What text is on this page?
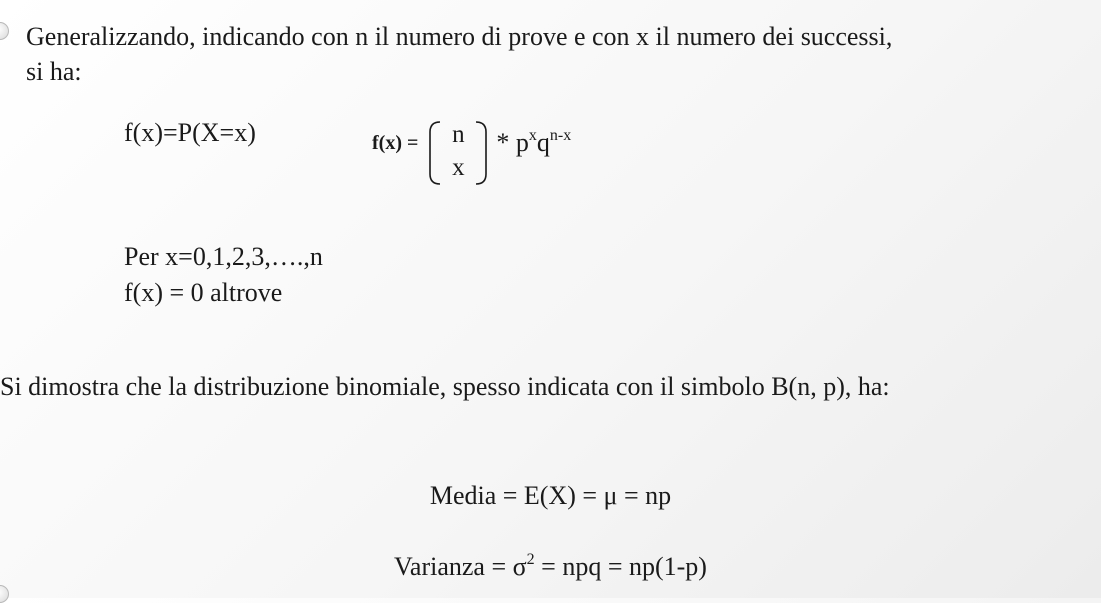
Generalizzando, indicando con n il numero di prove e con x il numero dei successi,
si ha:
f(x)=P(X=x)	f(x) =	n
x
* $p^xq^{n-x}$
Per x=0,1,2,3,….,n
f(x) = 0 altrove
Si dimostra che la distribuzione binomiale, spesso indicata con il simbolo B(n, p), ha:
Media = E(X) = μ = np
Varianza = $\sigma^2$ = npq = np(1-p)
